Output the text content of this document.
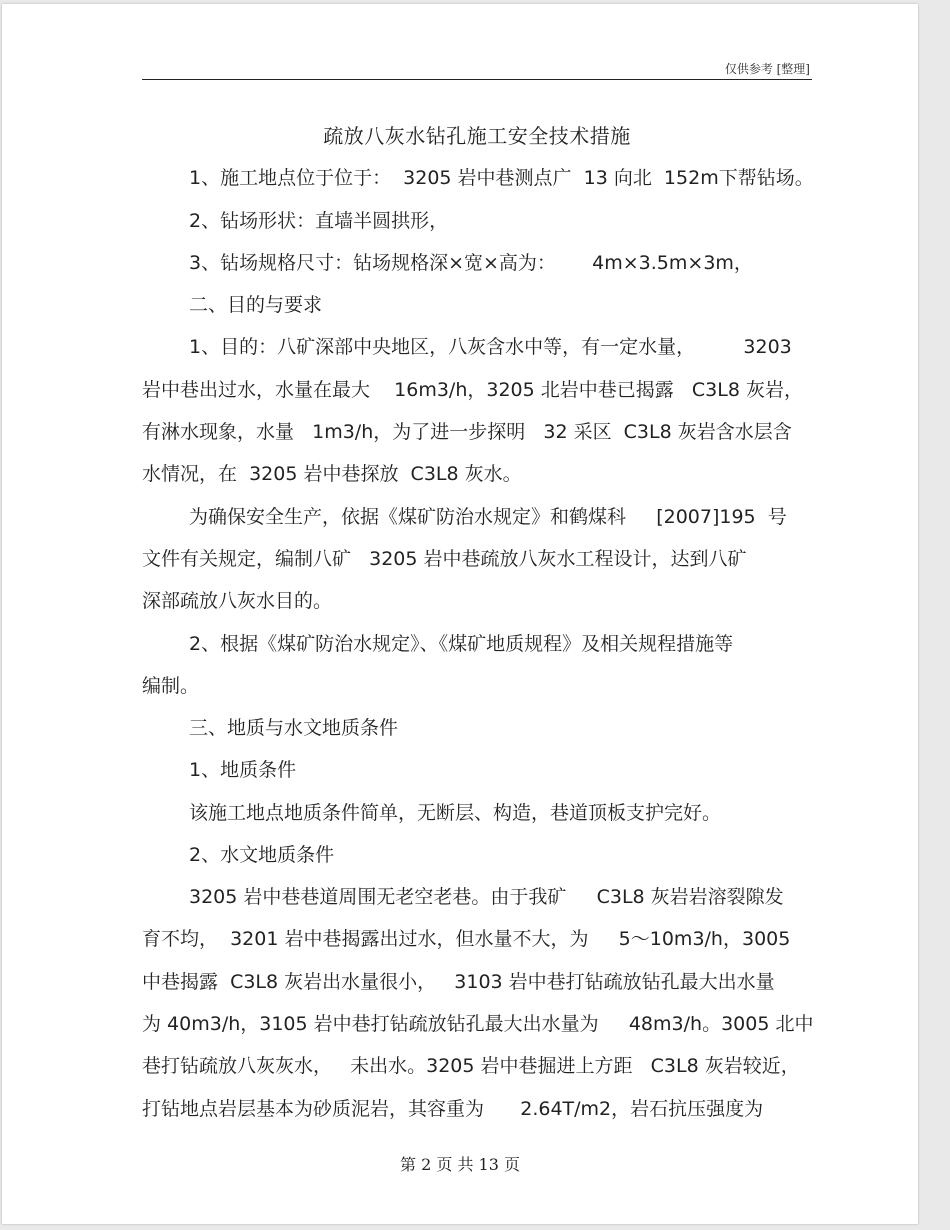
仅供参考 [整理]
疏放八灰水钻孔施工安全技术措施
1、施工地点位于位于：  3205 岩中巷测点广  13 向北  152m下帮钻场。
2、钻场形状：直墙半圆拱形，
3、钻场规格尺寸：钻场规格深×宽×高为：      4m×3.5m×3m，
二、目的与要求
1、目的：八矿深部中央地区，八灰含水中等，有一定水量，        3203
岩中巷出过水，水量在最大    16m3/h，3205 北岩中巷已揭露   C3L8 灰岩，
有淋水现象，水量   1m3/h，为了进一步探明   32 采区  C3L8 灰岩含水层含
水情况，在  3205 岩中巷探放  C3L8 灰水。
为确保安全生产，依据《煤矿防治水规定》和鹤煤科     [2007]195  号
文件有关规定，编制八矿   3205 岩中巷疏放八灰水工程设计，达到八矿
深部疏放八灰水目的。
2、根据《煤矿防治水规定》、《煤矿地质规程》及相关规程措施等
编制。
三、地质与水文地质条件
1、地质条件
该施工地点地质条件简单，无断层、构造，巷道顶板支护完好。
2、水文地质条件
3205 岩中巷巷道周围无老空老巷。由于我矿     C3L8 灰岩岩溶裂隙发
育不均，  3201 岩中巷揭露出过水，但水量不大，为     5～10m3/h，3005
中巷揭露  C3L8 灰岩出水量很小，   3103 岩中巷打钻疏放钻孔最大出水量
为 40m3/h，3105 岩中巷打钻疏放钻孔最大出水量为     48m3/h。3005 北中
巷打钻疏放八灰灰水，   未出水。3205 岩中巷掘进上方距   C3L8 灰岩较近，
打钻地点岩层基本为砂质泥岩，其容重为      2.64T/m2，岩石抗压强度为
第 2 页 共 13 页
